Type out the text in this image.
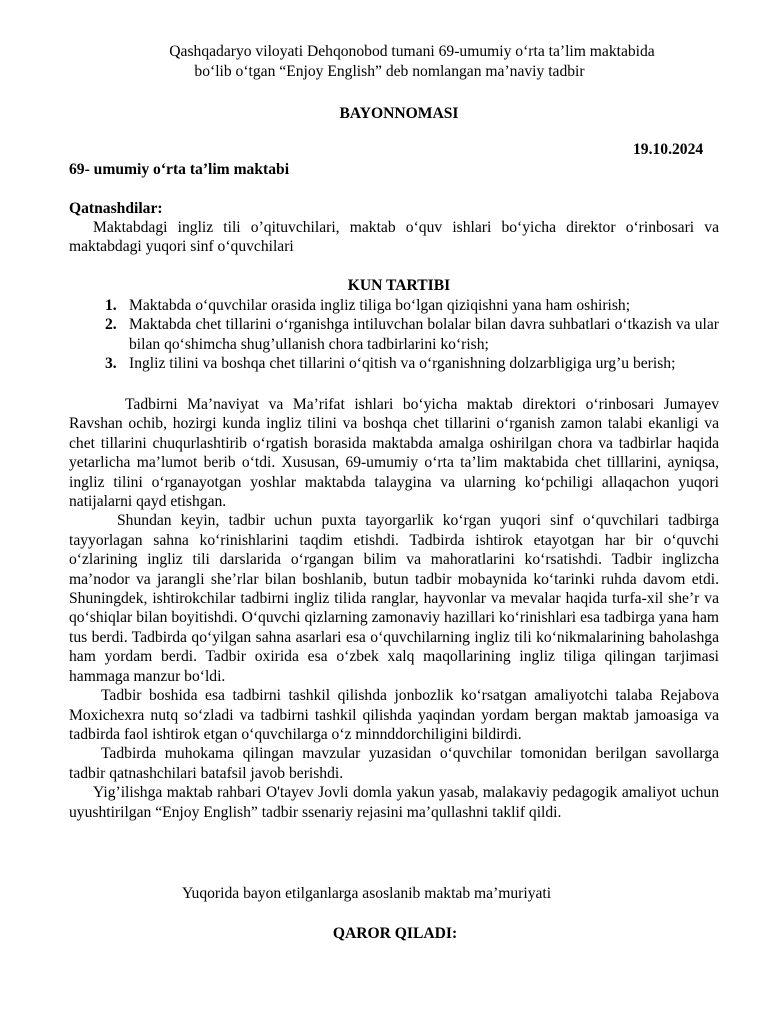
Qashqadaryo viloyati Dehqonobod tumani 69-umumiy o‘rta ta’lim maktabida
bo‘lib o‘tgan “Enjoy English” deb nomlangan ma’naviy tadbir
BAYONNOMASI
19.10.2024
69- umumiy o‘rta ta’lim maktabi
Qatnashdilar:

Maktabdagi ingliz tili o’qituvchilari, maktab o‘quv ishlari bo‘yicha direktor o‘rinbosari va maktabdagi yuqori sinf o‘quvchilari

KUN TARTIBI
1. Maktabda o‘quvchilar orasida ingliz tiliga bo‘lgan qiziqishni yana ham oshirish;
2. Maktabda chet tillarini o‘rganishga intiluvchan bolalar bilan davra suhbatlari o‘tkazish va ular bilan qo‘shimcha shug’ullanish chora tadbirlarini ko‘rish;
3. Ingliz tilini va boshqa chet tillarini o‘qitish va o‘rganishning dolzarbligiga urg’u berish;

Tadbirni Ma’naviyat va Ma’rifat ishlari bo‘yicha maktab direktori o‘rinbosari Jumayev Ravshan ochib, hozirgi kunda ingliz tilini va boshqa chet tillarini o‘rganish zamon talabi ekanligi va chet tillarini chuqurlashtirib o‘rgatish borasida maktabda amalga oshirilgan chora va tadbirlar haqida yetarlicha ma’lumot berib o‘tdi. Xususan, 69-umumiy o‘rta ta’lim maktabida chet tilllarini, ayniqsa, ingliz tilini o‘rganayotgan yoshlar maktabda talaygina va ularning ko‘pchiligi allaqachon yuqori natijalarni qayd etishgan.

Shundan keyin, tadbir uchun puxta tayorgarlik ko‘rgan yuqori sinf o‘quvchilari tadbirga tayyorlagan sahna ko‘rinishlarini taqdim etishdi. Tadbirda ishtirok etayotgan har bir o‘quvchi o‘zlarining ingliz tili darslarida o‘rgangan bilim va mahoratlarini ko‘rsatishdi. Tadbir inglizcha ma’nodor va jarangli she’rlar bilan boshlanib, butun tadbir mobaynida ko‘tarinki ruhda davom etdi. Shuningdek, ishtirokchilar tadbirni ingliz tilida ranglar, hayvonlar va mevalar haqida turfa-xil she’r va qo‘shiqlar bilan boyitishdi. O‘quvchi qizlarning zamonaviy hazillari ko‘rinishlari esa tadbirga yana ham tus berdi. Tadbirda qo‘yilgan sahna asarlari esa o‘quvchilarning ingliz tili ko‘nikmalarining baholashga ham yordam berdi. Tadbir oxirida esa o‘zbek xalq maqollarining ingliz tiliga qilingan tarjimasi hammaga manzur bo‘ldi.

Tadbir boshida esa tadbirni tashkil qilishda jonbozlik ko‘rsatgan amaliyotchi talaba Rejabova Moxichexra nutq so‘zladi va tadbirni tashkil qilishda yaqindan yordam bergan maktab jamoasiga va tadbirda faol ishtirok etgan o‘quvchilarga o‘z minnddorchiligini bildirdi.

Tadbirda muhokama qilingan mavzular yuzasidan o‘quvchilar tomonidan berilgan savollarga tadbir qatnashchilari batafsil javob berishdi.

Yig’ilishga maktab rahbari O'tayev Jovli domla yakun yasab, malakaviy pedagogik amaliyot uchun uyushtirilgan “Enjoy English” tadbir ssenariy rejasini ma’qullashni taklif qildi.

Yuqorida bayon etilganlarga asoslanib maktab ma’muriyati
QAROR QILADI:
